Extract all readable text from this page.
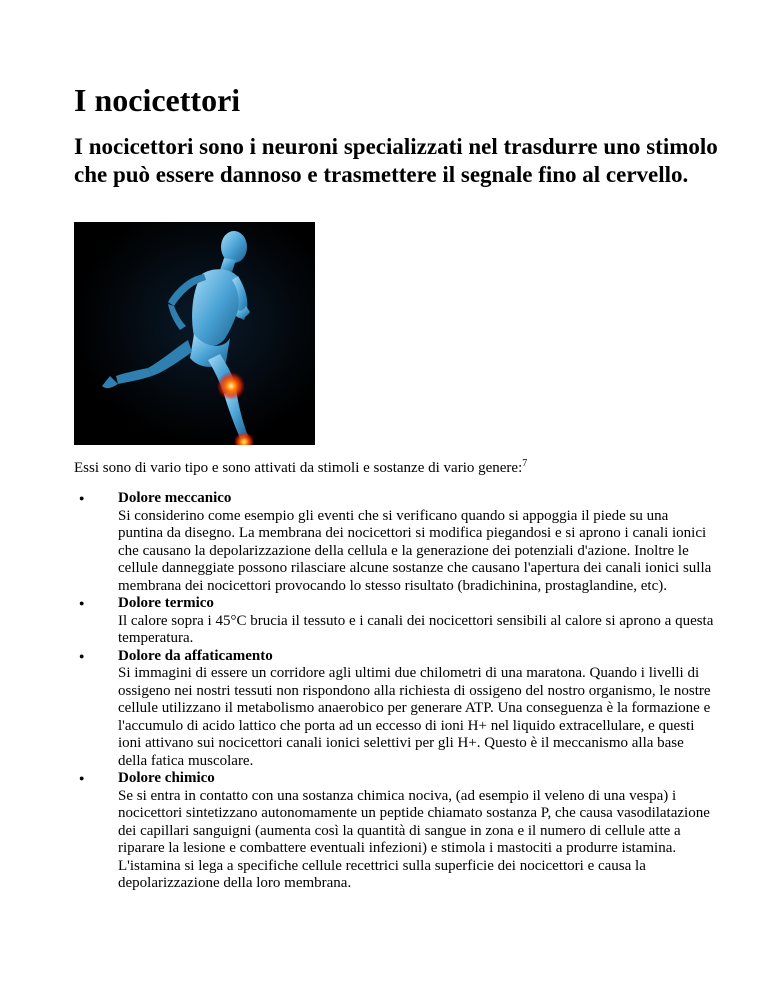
I nocicettori
I nocicettori sono i neuroni specializzati nel trasdurre uno stimolo che può essere dannoso e trasmettere il segnale fino al cervello.

Essi sono di vario tipo e sono attivati da stimoli e sostanze di vario genere:$^7$

● Dolore meccanico
Si considerino come esempio gli eventi che si verificano quando si appoggia il piede su una puntina da disegno. La membrana dei nocicettori si modifica piegandosi e si aprono i canali ionici che causano la depolarizzazione della cellula e la generazione dei potenziali d'azione. Inoltre le cellule danneggiate possono rilasciare alcune sostanze che causano l'apertura dei canali ionici sulla membrana dei nocicettori provocando lo stesso risultato (bradichinina, prostaglandine, etc).
● Dolore termico
Il calore sopra i 45°C brucia il tessuto e i canali dei nocicettori sensibili al calore si aprono a questa temperatura.
● Dolore da affaticamento
Si immagini di essere un corridore agli ultimi due chilometri di una maratona. Quando i livelli di ossigeno nei nostri tessuti non rispondono alla richiesta di ossigeno del nostro organismo, le nostre cellule utilizzano il metabolismo anaerobico per generare ATP. Una conseguenza è la formazione e l'accumulo di acido lattico che porta ad un eccesso di ioni H+ nel liquido extracellulare, e questi ioni attivano sui nocicettori canali ionici selettivi per gli H+. Questo è il meccanismo alla base della fatica muscolare.
● Dolore chimico
Se si entra in contatto con una sostanza chimica nociva, (ad esempio il veleno di una vespa) i nocicettori sintetizzano autonomamente un peptide chiamato sostanza P, che causa vasodilatazione dei capillari sanguigni (aumenta così la quantità di sangue in zona e il numero di cellule atte a riparare la lesione e combattere eventuali infezioni) e stimola i mastociti a produrre istamina. L'istamina si lega a specifiche cellule recettrici sulla superficie dei nocicettori e causa la depolarizzazione della loro membrana.
